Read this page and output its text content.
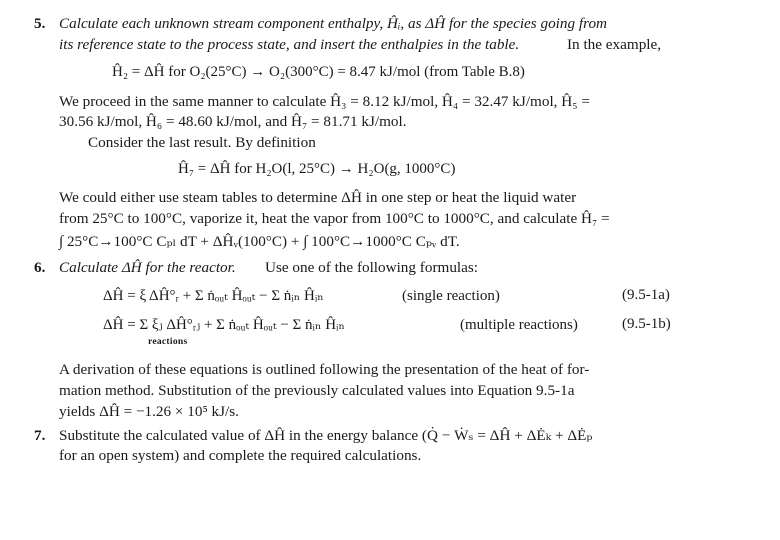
5. Calculate each unknown stream component enthalpy, Ĥᵢ, as ΔĤ for the species going from
its reference state to the process state, and insert the enthalpies in the table.	In the example,
Ĥ₂ = ΔĤ for O₂(25°C) → O₂(300°C) = 8.47 kJ/mol (from Table B.8)
We proceed in the same manner to calculate Ĥ₃ = 8.12 kJ/mol, Ĥ₄ = 32.47 kJ/mol, Ĥ₅ =
30.56 kJ/mol, Ĥ₆ = 48.60 kJ/mol, and Ĥ₇ = 81.71 kJ/mol.
Consider the last result. By definition
Ĥ₇ = ΔĤ for H₂O(l, 25°C) → H₂O(g, 1000°C)
We could either use steam tables to determine ΔĤ in one step or heat the liquid water
from 25°C to 100°C, vaporize it, heat the vapor from 100°C to 1000°C, and calculate Ĥ₇ =
∫ 25°C→100°C Cₚₗ dT + ΔĤᵥ(100°C) + ∫ 100°C→1000°C Cₚᵥ dT.
6. Calculate ΔĤ for the reactor. Use one of the following formulas:
ΔĤ = ξ ΔĤ°ᵣ + Σ ṅₒᵤₜ Ĥₒᵤₜ − Σ ṅᵢₙ Ĥᵢₙ	(single reaction)	(9.5-1a)
ΔĤ = Σ ξⱼ ΔĤ°ᵣⱼ + Σ ṅₒᵤₜ Ĥₒᵤₜ − Σ ṅᵢₙ Ĥᵢₙ	(multiple reactions)	(9.5-1b)
reactions
A derivation of these equations is outlined following the presentation of the heat of for-
mation method. Substitution of the previously calculated values into Equation 9.5-1a
yields ΔĤ = −1.26 × 10⁵ kJ/s.
7. Substitute the calculated value of ΔĤ in the energy balance (Q̇ − Ẇₛ = ΔĤ + ΔĖₖ + ΔĖₚ
for an open system) and complete the required calculations.
